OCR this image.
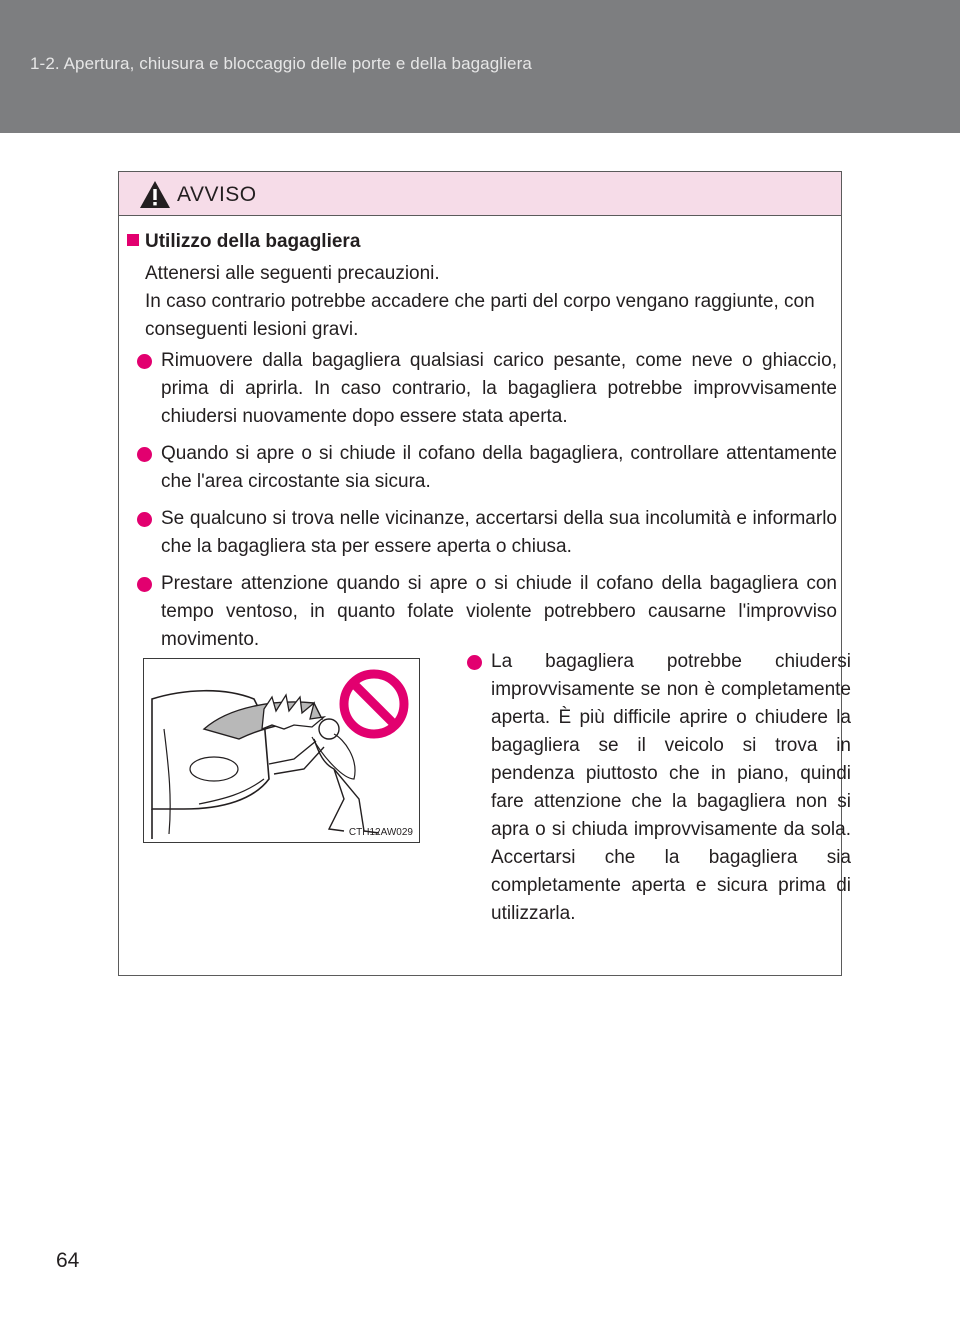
1-2. Apertura, chiusura e bloccaggio delle porte e della bagagliera
AVVISO
Utilizzo della bagagliera
Attenersi alle seguenti precauzioni.
In caso contrario potrebbe accadere che parti del corpo vengano raggiunte, con conseguenti lesioni gravi.
Rimuovere dalla bagagliera qualsiasi carico pesante, come neve o ghiaccio, prima di aprirla. In caso contrario, la bagagliera potrebbe improvvisamente chiudersi nuovamente dopo essere stata aperta.
Quando si apre o si chiude il cofano della bagagliera, controllare attentamente che l'area circostante sia sicura.
Se qualcuno si trova nelle vicinanze, accertarsi della sua incolumità e informarlo che la bagagliera sta per essere aperta o chiusa.
Prestare attenzione quando si apre o si chiude il cofano della bagagliera con tempo ventoso, in quanto folate violente potrebbero causarne l'improvviso movimento.
CTH12AW029
La bagagliera potrebbe chiudersi improvvisamente se non è completamente aperta. È più difficile aprire o chiudere la bagagliera se il veicolo si trova in pendenza piuttosto che in piano, quindi fare attenzione che la bagagliera non si apra o si chiuda improvvisamente da sola. Accertarsi che la bagagliera sia completamente aperta e sicura prima di utilizzarla.
64
